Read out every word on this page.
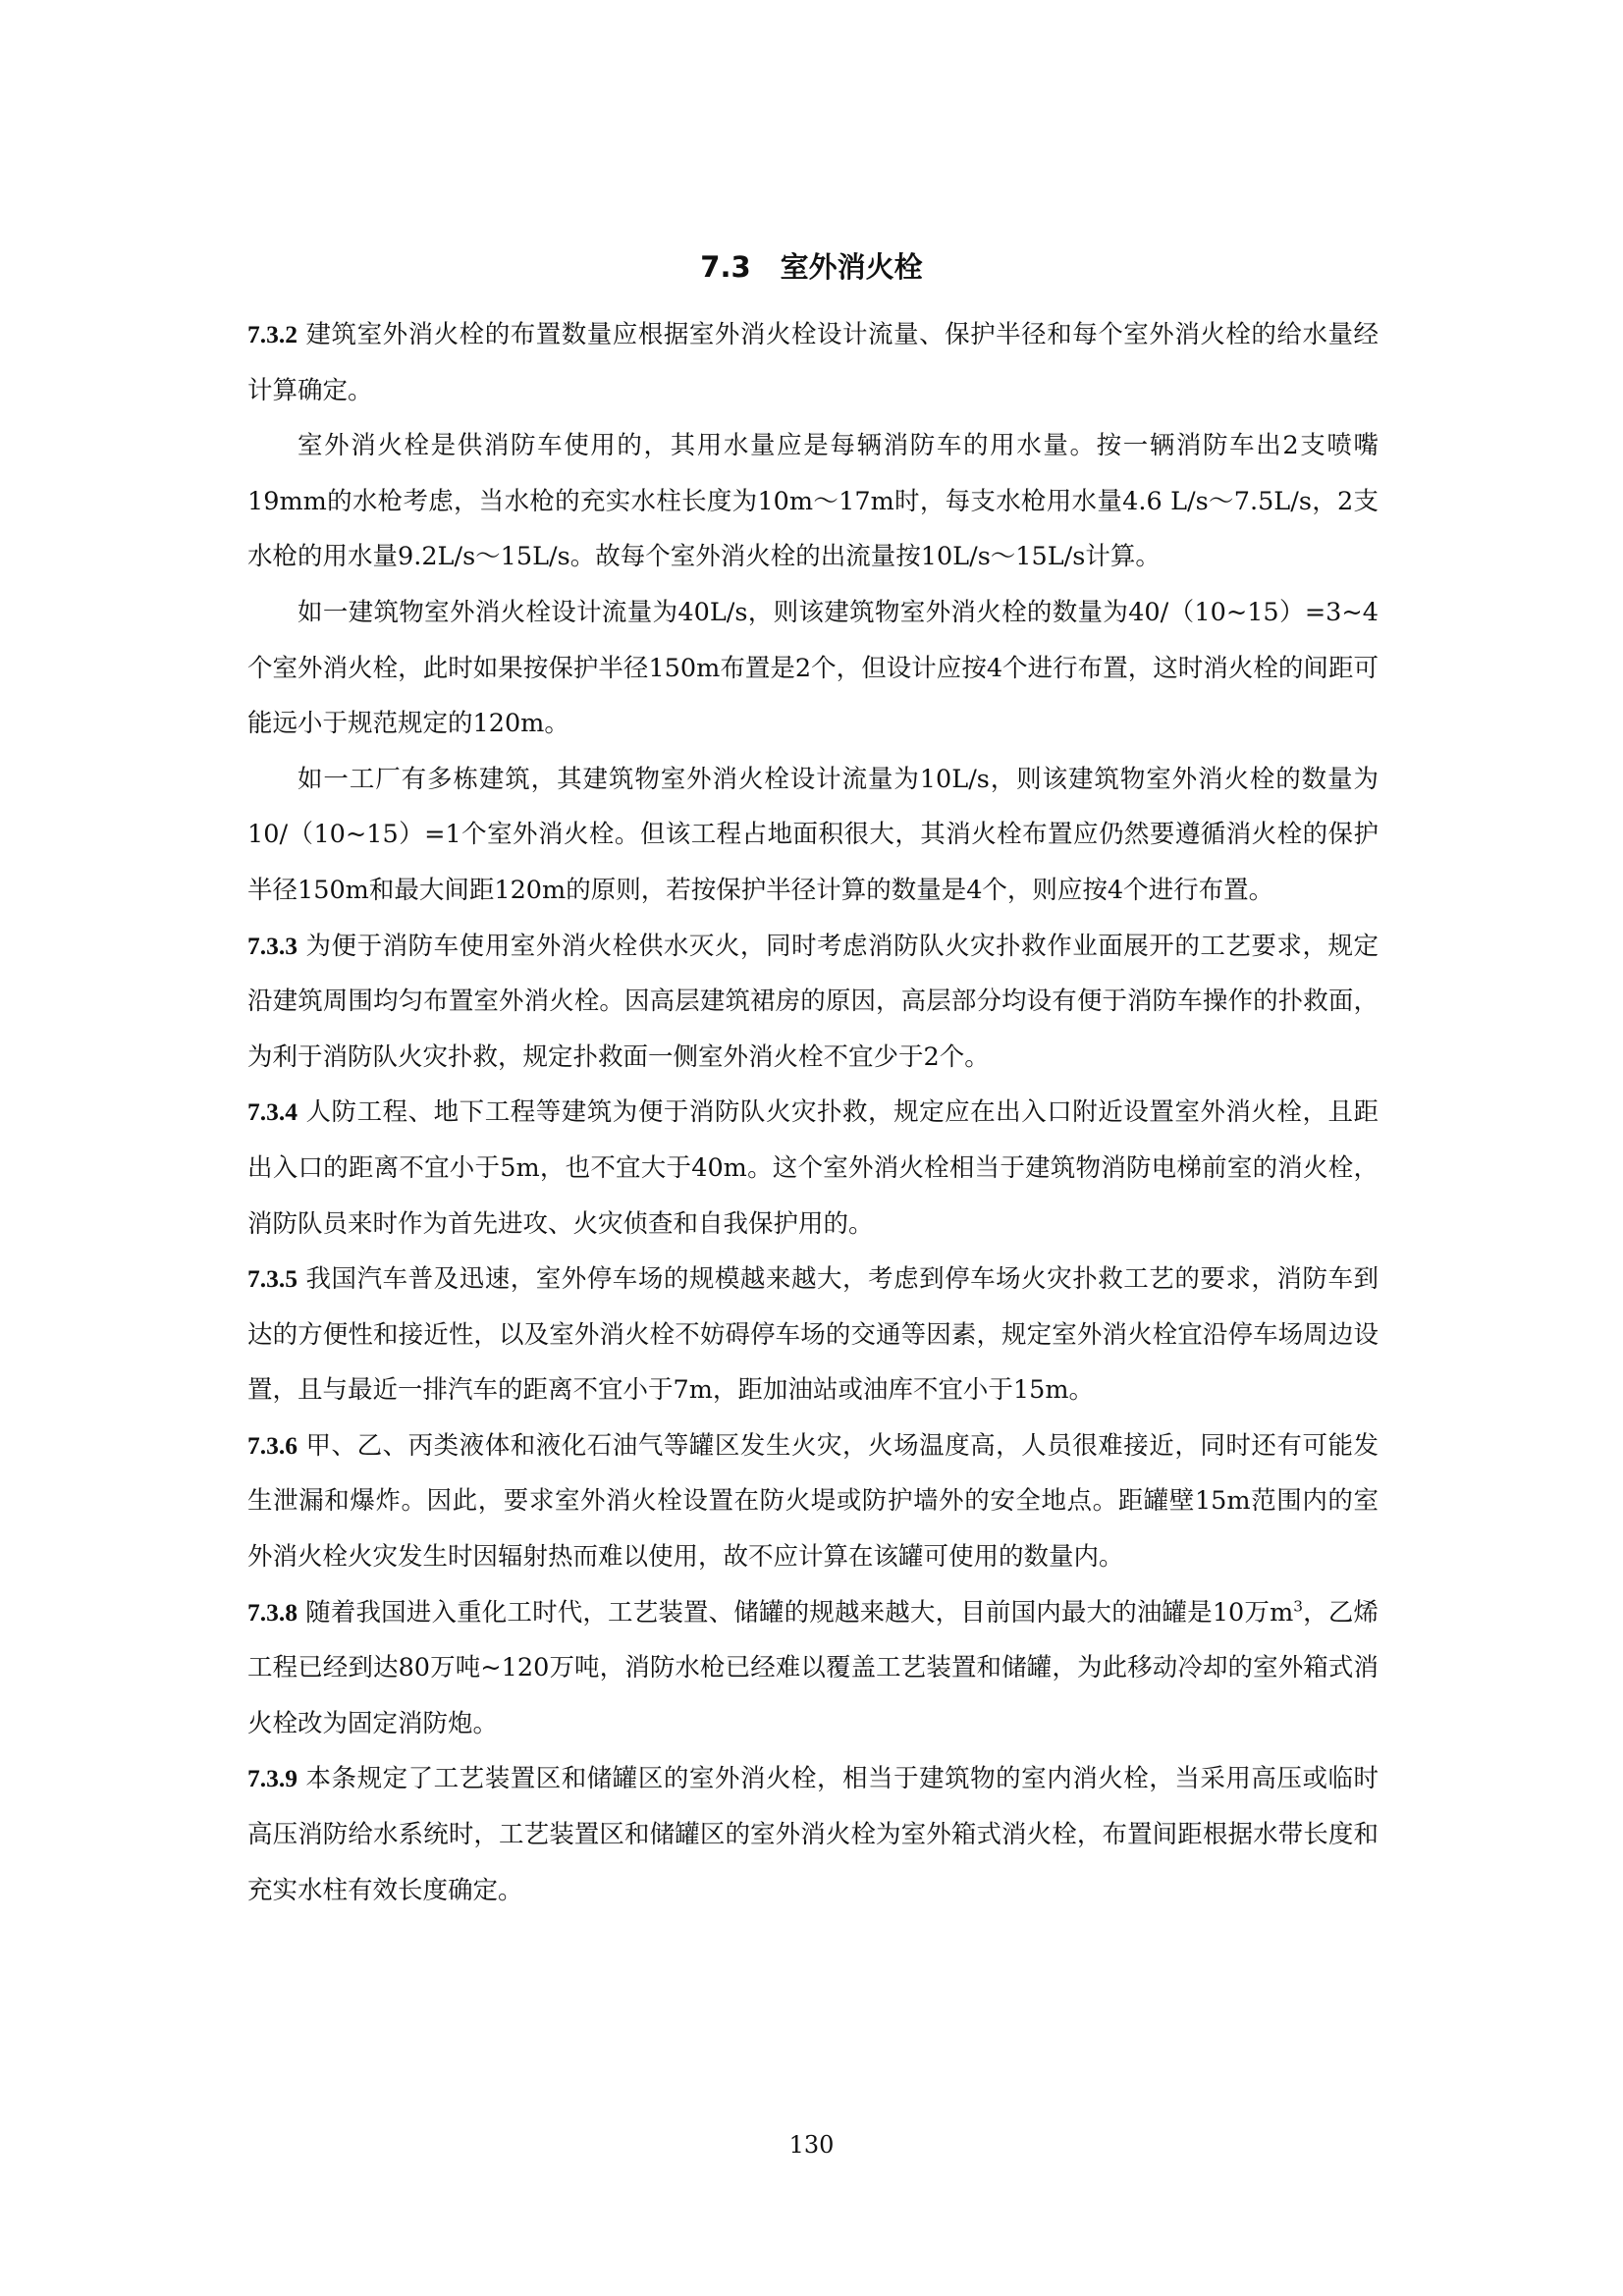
7.3 室外消火栓

7.3.2 建筑室外消火栓的布置数量应根据室外消火栓设计流量、保护半径和每个室外消火栓的给水量经计算确定。

室外消火栓是供消防车使用的，其用水量应是每辆消防车的用水量。按一辆消防车出2支喷嘴19mm的水枪考虑，当水枪的充实水柱长度为10m～17m时，每支水枪用水量4.6 L/s～7.5L/s，2支水枪的用水量9.2L/s～15L/s。故每个室外消火栓的出流量按10L/s～15L/s计算。

如一建筑物室外消火栓设计流量为40L/s，则该建筑物室外消火栓的数量为40/（10~15）=3~4个室外消火栓，此时如果按保护半径150m布置是2个，但设计应按4个进行布置，这时消火栓的间距可能远小于规范规定的120m。

如一工厂有多栋建筑，其建筑物室外消火栓设计流量为10L/s，则该建筑物室外消火栓的数量为10/（10~15）=1个室外消火栓。但该工程占地面积很大，其消火栓布置应仍然要遵循消火栓的保护半径150m和最大间距120m的原则，若按保护半径计算的数量是4个，则应按4个进行布置。

7.3.3 为便于消防车使用室外消火栓供水灭火，同时考虑消防队火灾扑救作业面展开的工艺要求，规定沿建筑周围均匀布置室外消火栓。因高层建筑裙房的原因，高层部分均设有便于消防车操作的扑救面，为利于消防队火灾扑救，规定扑救面一侧室外消火栓不宜少于2个。

7.3.4 人防工程、地下工程等建筑为便于消防队火灾扑救，规定应在出入口附近设置室外消火栓，且距出入口的距离不宜小于5m，也不宜大于40m。这个室外消火栓相当于建筑物消防电梯前室的消火栓，消防队员来时作为首先进攻、火灾侦查和自我保护用的。

7.3.5 我国汽车普及迅速，室外停车场的规模越来越大，考虑到停车场火灾扑救工艺的要求，消防车到达的方便性和接近性，以及室外消火栓不妨碍停车场的交通等因素，规定室外消火栓宜沿停车场周边设置，且与最近一排汽车的距离不宜小于7m，距加油站或油库不宜小于15m。

7.3.6 甲、乙、丙类液体和液化石油气等罐区发生火灾，火场温度高，人员很难接近，同时还有可能发生泄漏和爆炸。因此，要求室外消火栓设置在防火堤或防护墙外的安全地点。距罐壁15m范围内的室外消火栓火灾发生时因辐射热而难以使用，故不应计算在该罐可使用的数量内。

7.3.8 随着我国进入重化工时代，工艺装置、储罐的规越来越大，目前国内最大的油罐是10万$m^3$，乙烯工程已经到达80万吨~120万吨，消防水枪已经难以覆盖工艺装置和储罐，为此移动冷却的室外箱式消火栓改为固定消防炮。

7.3.9 本条规定了工艺装置区和储罐区的室外消火栓，相当于建筑物的室内消火栓，当采用高压或临时高压消防给水系统时，工艺装置区和储罐区的室外消火栓为室外箱式消火栓，布置间距根据水带长度和充实水柱有效长度确定。

130
